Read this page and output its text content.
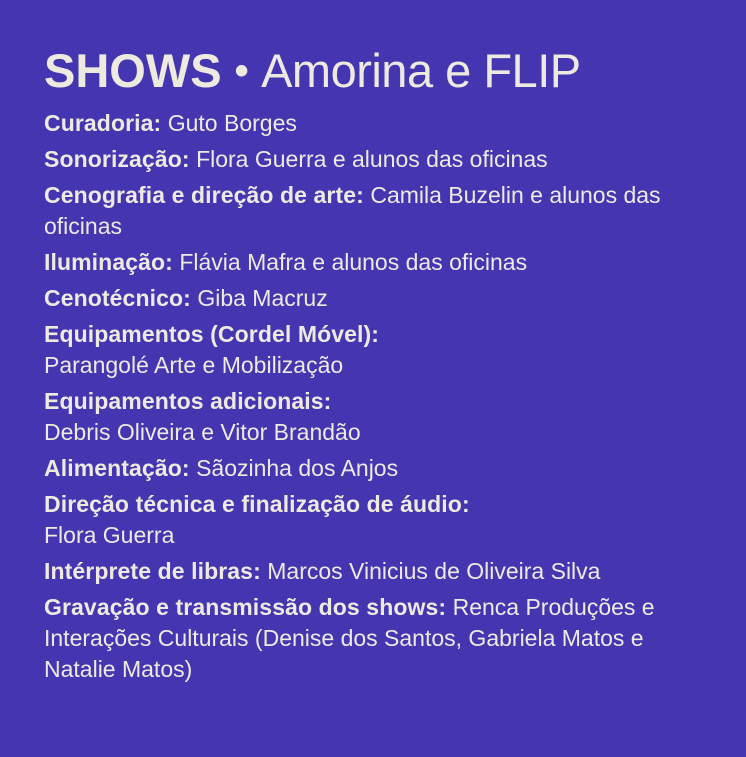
SHOWS • Amorina e FLIP

Curadoria: Guto Borges

Sonorização: Flora Guerra e alunos das oficinas

Cenografia e direção de arte: Camila Buzelin e alunos das oficinas

Iluminação: Flávia Mafra e alunos das oficinas

Cenotécnico: Giba Macruz

Equipamentos (Cordel Móvel):
Parangolé Arte e Mobilização

Equipamentos adicionais:
Debris Oliveira e Vitor Brandão

Alimentação: Sãozinha dos Anjos

Direção técnica e finalização de áudio:
Flora Guerra

Intérprete de libras: Marcos Vinicius de Oliveira Silva

Gravação e transmissão dos shows: Renca Produções e Interações Culturais (Denise dos Santos, Gabriela Matos e Natalie Matos)
